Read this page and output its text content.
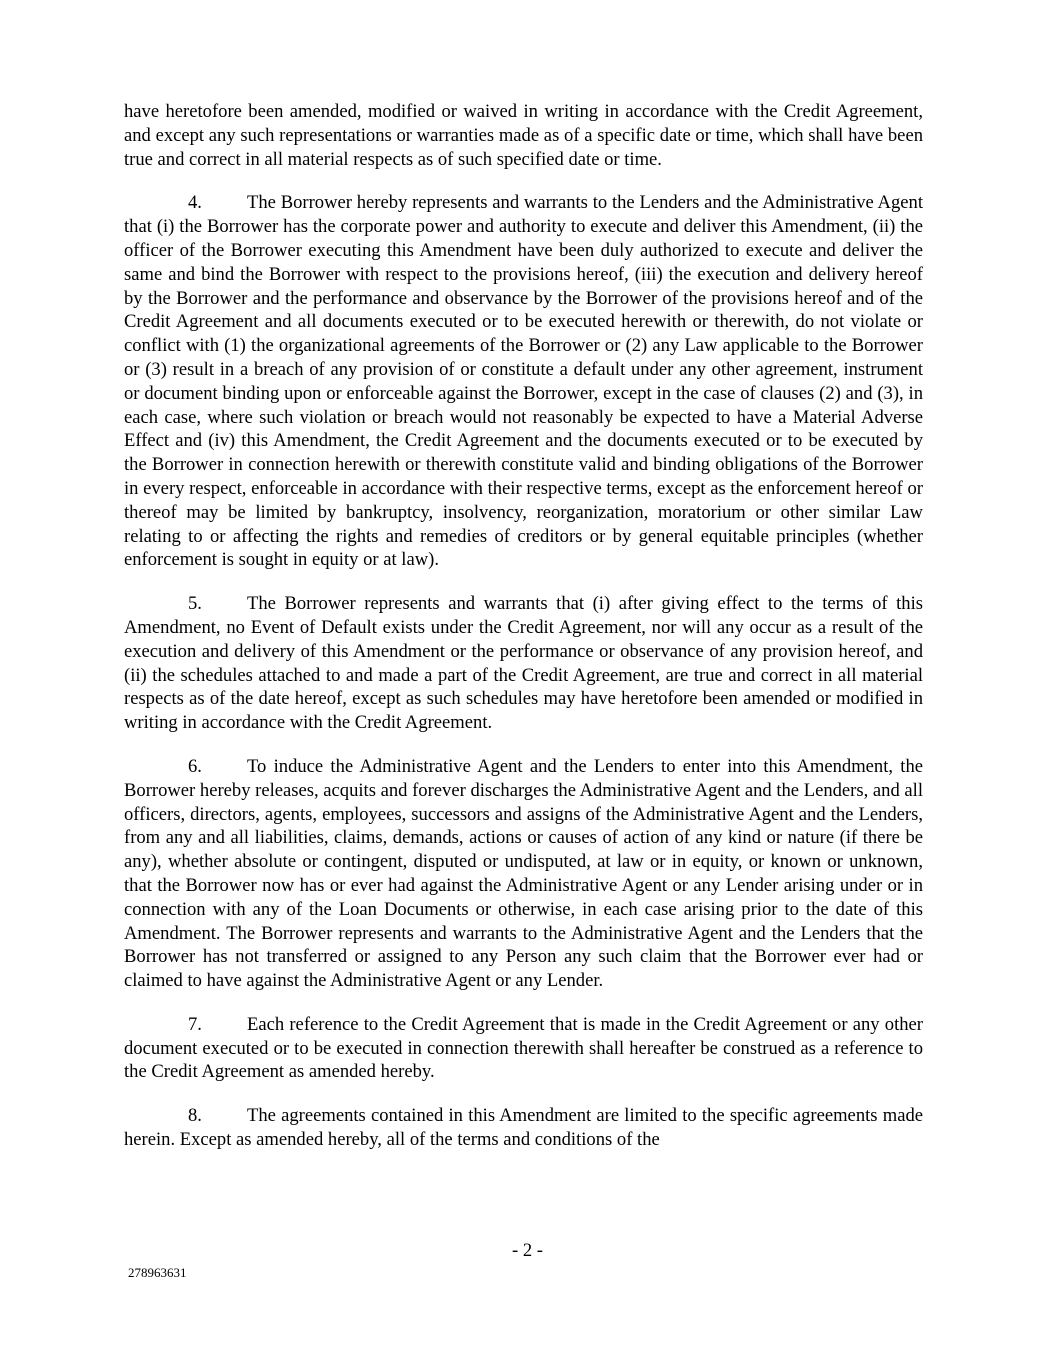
have heretofore been amended, modified or waived in writing in accordance with the Credit Agreement, and except any such representations or warranties made as of a specific date or time, which shall have been true and correct in all material respects as of such specified date or time.

4. The Borrower hereby represents and warrants to the Lenders and the Administrative Agent that (i) the Borrower has the corporate power and authority to execute and deliver this Amendment, (ii) the officer of the Borrower executing this Amendment have been duly authorized to execute and deliver the same and bind the Borrower with respect to the provisions hereof, (iii) the execution and delivery hereof by the Borrower and the performance and observance by the Borrower of the provisions hereof and of the Credit Agreement and all documents executed or to be executed herewith or therewith, do not violate or conflict with (1) the organizational agreements of the Borrower or (2) any Law applicable to the Borrower or (3) result in a breach of any provision of or constitute a default under any other agreement, instrument or document binding upon or enforceable against the Borrower, except in the case of clauses (2) and (3), in each case, where such violation or breach would not reasonably be expected to have a Material Adverse Effect and (iv) this Amendment, the Credit Agreement and the documents executed or to be executed by the Borrower in connection herewith or therewith constitute valid and binding obligations of the Borrower in every respect, enforceable in accordance with their respective terms, except as the enforcement hereof or thereof may be limited by bankruptcy, insolvency, reorganization, moratorium or other similar Law relating to or affecting the rights and remedies of creditors or by general equitable principles (whether enforcement is sought in equity or at law).

5. The Borrower represents and warrants that (i) after giving effect to the terms of this Amendment, no Event of Default exists under the Credit Agreement, nor will any occur as a result of the execution and delivery of this Amendment or the performance or observance of any provision hereof, and (ii) the schedules attached to and made a part of the Credit Agreement, are true and correct in all material respects as of the date hereof, except as such schedules may have heretofore been amended or modified in writing in accordance with the Credit Agreement.

6. To induce the Administrative Agent and the Lenders to enter into this Amendment, the Borrower hereby releases, acquits and forever discharges the Administrative Agent and the Lenders, and all officers, directors, agents, employees, successors and assigns of the Administrative Agent and the Lenders, from any and all liabilities, claims, demands, actions or causes of action of any kind or nature (if there be any), whether absolute or contingent, disputed or undisputed, at law or in equity, or known or unknown, that the Borrower now has or ever had against the Administrative Agent or any Lender arising under or in connection with any of the Loan Documents or otherwise, in each case arising prior to the date of this Amendment. The Borrower represents and warrants to the Administrative Agent and the Lenders that the Borrower has not transferred or assigned to any Person any such claim that the Borrower ever had or claimed to have against the Administrative Agent or any Lender.

7. Each reference to the Credit Agreement that is made in the Credit Agreement or any other document executed or to be executed in connection therewith shall hereafter be construed as a reference to the Credit Agreement as amended hereby.

8. The agreements contained in this Amendment are limited to the specific agreements made herein. Except as amended hereby, all of the terms and conditions of the

- 2 -
278963631
